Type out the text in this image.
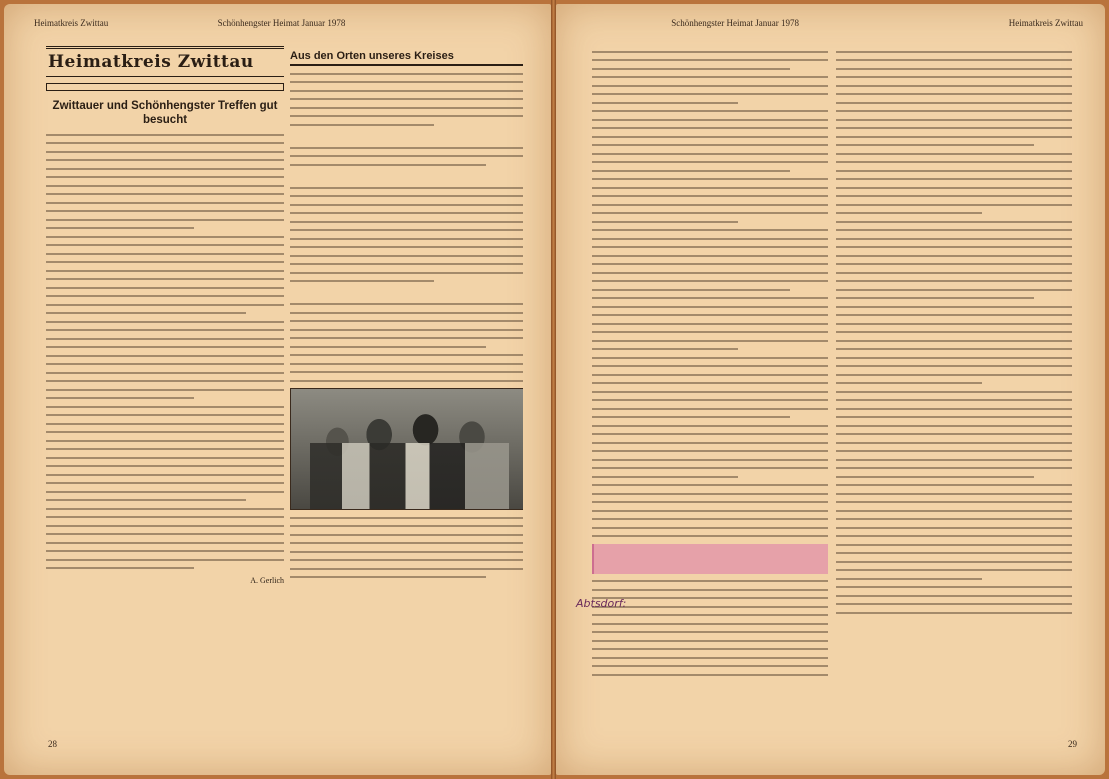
Heimatkreis Zwittau	Schönhengster Heimat Januar 1978
Heimatkreis Zwittau
Zwittauer und Schönhengster Treffen gut besucht
A. Gerlich
Aus den Orten unseres Kreises
28
Schönhengster Heimat Januar 1978	Heimatkreis Zwittau
Abtsdorf:
29
